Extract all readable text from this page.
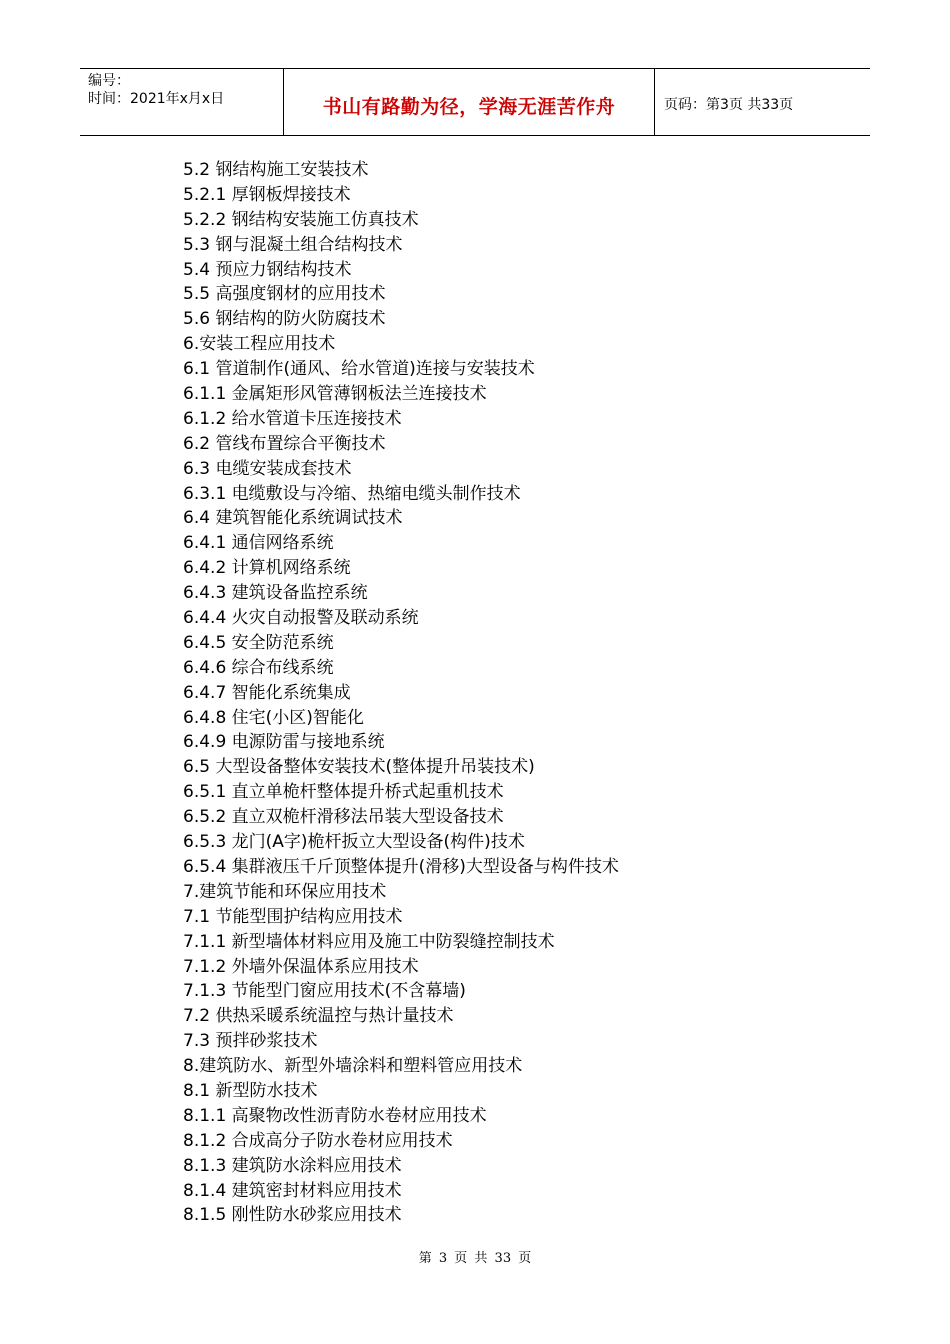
编号：
时间：2021年x月x日	书山有路勤为径，学海无涯苦作舟	页码：第3页 共33页
5.2 钢结构施工安装技术
5.2.1 厚钢板焊接技术
5.2.2 钢结构安装施工仿真技术
5.3 钢与混凝土组合结构技术
5.4 预应力钢结构技术
5.5 高强度钢材的应用技术
5.6 钢结构的防火防腐技术
6.安装工程应用技术
6.1 管道制作(通风、给水管道)连接与安装技术
6.1.1 金属矩形风管薄钢板法兰连接技术
6.1.2 给水管道卡压连接技术
6.2 管线布置综合平衡技术
6.3 电缆安装成套技术
6.3.1 电缆敷设与冷缩、热缩电缆头制作技术
6.4 建筑智能化系统调试技术
6.4.1 通信网络系统
6.4.2 计算机网络系统
6.4.3 建筑设备监控系统
6.4.4 火灾自动报警及联动系统
6.4.5 安全防范系统
6.4.6 综合布线系统
6.4.7 智能化系统集成
6.4.8 住宅(小区)智能化
6.4.9 电源防雷与接地系统
6.5 大型设备整体安装技术(整体提升吊装技术)
6.5.1 直立单桅杆整体提升桥式起重机技术
6.5.2 直立双桅杆滑移法吊装大型设备技术
6.5.3 龙门(A字)桅杆扳立大型设备(构件)技术
6.5.4 集群液压千斤顶整体提升(滑移)大型设备与构件技术
7.建筑节能和环保应用技术
7.1 节能型围护结构应用技术
7.1.1 新型墙体材料应用及施工中防裂缝控制技术
7.1.2 外墙外保温体系应用技术
7.1.3 节能型门窗应用技术(不含幕墙)
7.2 供热采暖系统温控与热计量技术
7.3 预拌砂浆技术
8.建筑防水、新型外墙涂料和塑料管应用技术
8.1 新型防水技术
8.1.1 高聚物改性沥青防水卷材应用技术
8.1.2 合成高分子防水卷材应用技术
8.1.3 建筑防水涂料应用技术
8.1.4 建筑密封材料应用技术
8.1.5 刚性防水砂浆应用技术
第 3 页 共 33 页
